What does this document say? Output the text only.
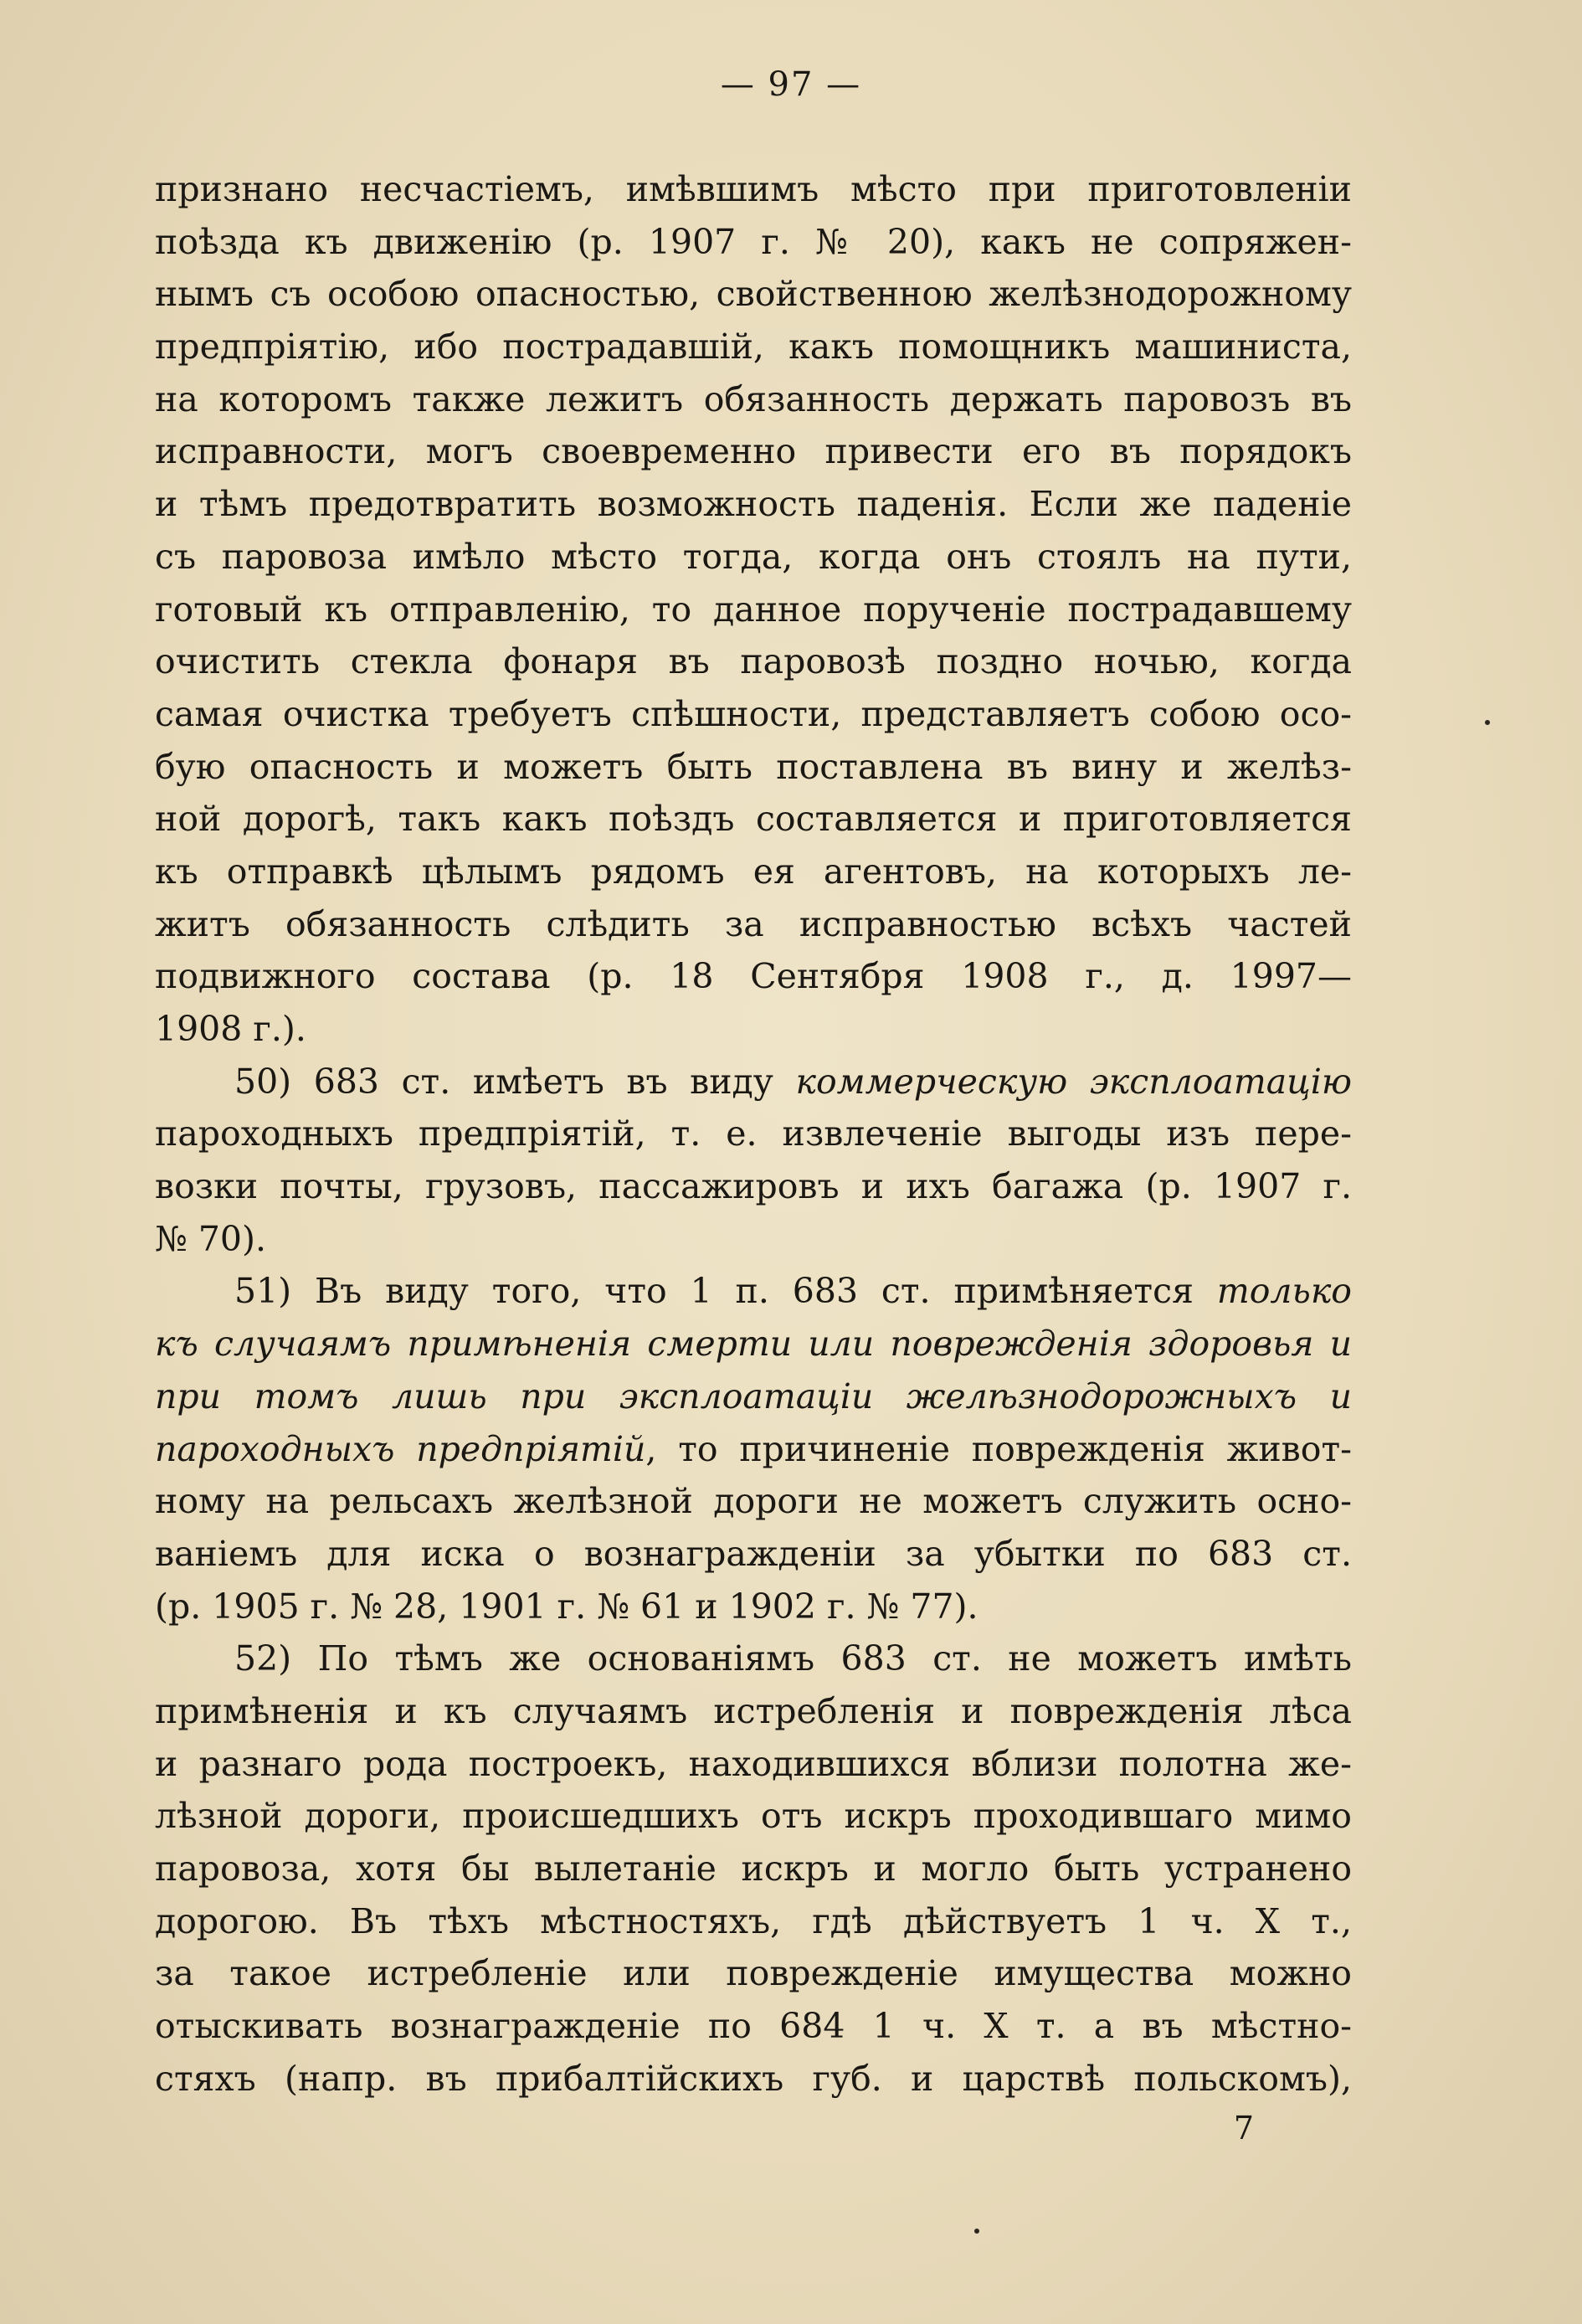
— 97 —
признано несчастіемъ, имѣвшимъ мѣсто при приготовленіи
поѣзда къ движенію (р. 1907 г. № 20), какъ не сопряжен-
нымъ съ особою опасностью, свойственною желѣзнодорожному
предпріятію, ибо пострадавшій, какъ помощникъ машиниста,
на которомъ также лежитъ обязанность держать паровозъ въ
исправности, могъ своевременно привести его въ порядокъ
и тѣмъ предотвратить возможность паденія. Если же паденіе
съ паровоза имѣло мѣсто тогда, когда онъ стоялъ на пути,
готовый къ отправленію, то данное порученіе пострадавшему
очистить стекла фонаря въ паровозѣ поздно ночью, когда
самая очистка требуетъ спѣшности, представляетъ собою осо-
бую опасность и можетъ быть поставлена въ вину и желѣз-
ной дорогѣ, такъ какъ поѣздъ составляется и приготовляется
къ отправкѣ цѣлымъ рядомъ ея агентовъ, на которыхъ ле-
житъ обязанность слѣдить за исправностью всѣхъ частей
подвижного состава (р. 18 Сентября 1908 г., д. 1997—
1908 г.).
50) 683 ст. имѣетъ въ виду коммерческую эксплоатацію
пароходныхъ предпріятій, т. е. извлеченіе выгоды изъ пере-
возки почты, грузовъ, пассажировъ и ихъ багажа (р. 1907 г.
№ 70).
51) Въ виду того, что 1 п. 683 ст. примѣняется только
къ случаямъ примѣненія смерти или поврежденія здоровья и
при томъ лишь при эксплоатаціи желѣзнодорожныхъ и
пароходныхъ предпріятій, то причиненіе поврежденія живот-
ному на рельсахъ желѣзной дороги не можетъ служить осно-
ваніемъ для иска о вознагражденіи за убытки по 683 ст.
(р. 1905 г. № 28, 1901 г. № 61 и 1902 г. № 77).
52) По тѣмъ же основаніямъ 683 ст. не можетъ имѣть
примѣненія и къ случаямъ истребленія и поврежденія лѣса
и разнаго рода построекъ, находившихся вблизи полотна же-
лѣзной дороги, происшедшихъ отъ искръ проходившаго мимо
паровоза, хотя бы вылетаніе искръ и могло быть устранено
дорогою. Въ тѣхъ мѣстностяхъ, гдѣ дѣйствуетъ 1 ч. X т.,
за такое истребленіе или поврежденіе имущества можно
отыскивать вознагражденіе по 684 1 ч. X т. а въ мѣстно-
стяхъ (напр. въ прибалтійскихъ губ. и царствѣ польскомъ),
7
